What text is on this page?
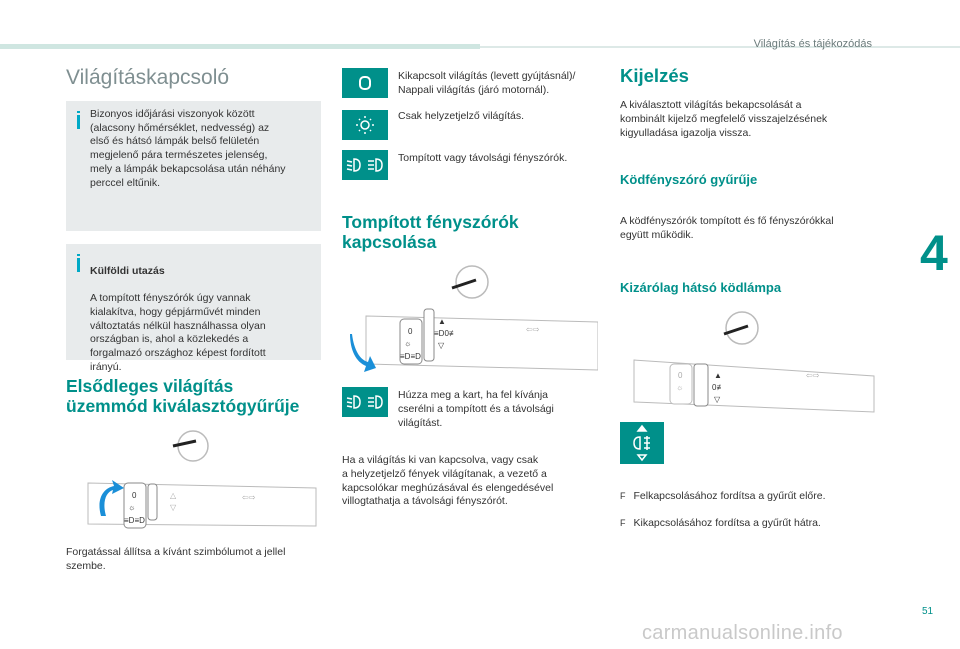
Világítás és tájékozódás
4
51
carmanualsonline.info
Világításkapcsoló
Bizonyos időjárási viszonyok között
(alacsony hőmérséklet, nedvesség) az
első és hátsó lámpák belső felületén
megjelenő pára természetes jelenség,
mely a lámpák bekapcsolása után néhány
perccel eltűnik.

Külföldi utazás

A tompított fényszórók úgy vannak
kialakítva, hogy gépjárművét minden
változtatás nélkül használhassa olyan
országban is, ahol a közlekedés a
forgalmazó országhoz képest fordított
irányú.

Elsődleges világítás
üzemmód kiválasztógyűrűje
0
☼
≡D≡D
△
▽
⇦⇨
Forgatással állítsa a kívánt szimbólumot a jellel
szembe.
Kikapcsolt világítás (levett gyújtásnál)/
Nappali világítás (járó motornál).
Csak helyzetjelző világítás.
Tompított vagy távolsági fényszórók.
Tompított fényszórók
kapcsolása
0
☼
≡D≡D
▲
≡D0≢
▽
⇦⇨
Húzza meg a kart, ha fel kívánja
cserélni a tompított és a távolsági
világítást.
Ha a világítás ki van kapcsolva, vagy csak
a helyzetjelző fények világítanak, a vezető a
kapcsolókar meghúzásával és elengedésével
villogtathatja a távolsági fényszórót.
Kijelzés
A kiválasztott világítás bekapcsolását a
kombinált kijelző megfelelő visszajelzésének
kigyulladása igazolja vissza.
Ködfényszóró gyűrűje
A ködfényszórók tompított és fő fényszórókkal
együtt működik.
Kizárólag hátsó ködlámpa
0
☼
▲
0≢
▽
⇦⇨

F Felkapcsolásához fordítsa a gyűrűt előre.

F Kikapcsolásához fordítsa a gyűrűt hátra.
